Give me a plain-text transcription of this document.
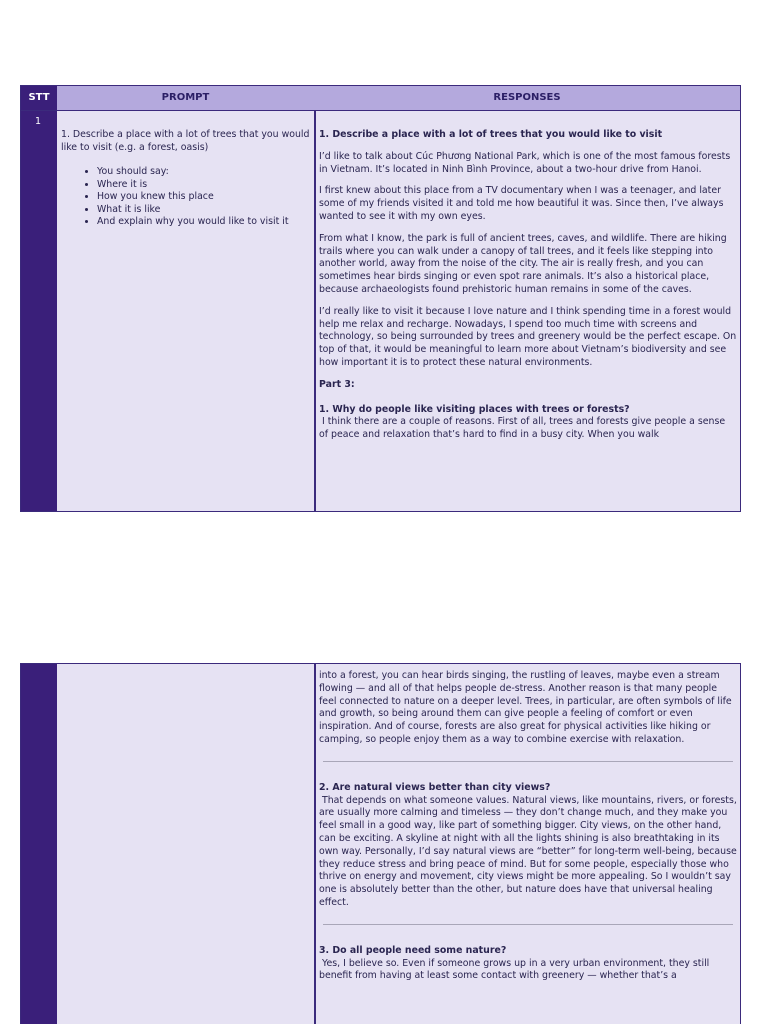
STT	PROMPT	RESPONSES
1
1. Describe a place with a lot of trees that you would like to visit (e.g. a forest, oasis)
• You should say:
• Where it is
• How you knew this place
• What it is like
• And explain why you would like to visit it

1. Describe a place with a lot of trees that you would like to visit

I’d like to talk about Cúc Phương National Park, which is one of the most famous forests in Vietnam. It’s located in Ninh Bình Province, about a two-hour drive from Hanoi.

I first knew about this place from a TV documentary when I was a teenager, and later some of my friends visited it and told me how beautiful it was. Since then, I’ve always wanted to see it with my own eyes.

From what I know, the park is full of ancient trees, caves, and wildlife. There are hiking trails where you can walk under a canopy of tall trees, and it feels like stepping into another world, away from the noise of the city. The air is really fresh, and you can sometimes hear birds singing or even spot rare animals. It’s also a historical place, because archaeologists found prehistoric human remains in some of the caves.

I’d really like to visit it because I love nature and I think spending time in a forest would help me relax and recharge. Nowadays, I spend too much time with screens and technology, so being surrounded by trees and greenery would be the perfect escape. On top of that, it would be meaningful to learn more about Vietnam’s biodiversity and see how important it is to protect these natural environments.

Part 3:

1. Why do people like visiting places with trees or forests?
I think there are a couple of reasons. First of all, trees and forests give people a sense of peace and relaxation that’s hard to find in a busy city. When you walk

into a forest, you can hear birds singing, the rustling of leaves, maybe even a stream flowing — and all of that helps people de-stress. Another reason is that many people feel connected to nature on a deeper level. Trees, in particular, are often symbols of life and growth, so being around them can give people a feeling of comfort or even inspiration. And of course, forests are also great for physical activities like hiking or camping, so people enjoy them as a way to combine exercise with relaxation.

2. Are natural views better than city views?
That depends on what someone values. Natural views, like mountains, rivers, or forests, are usually more calming and timeless — they don’t change much, and they make you feel small in a good way, like part of something bigger. City views, on the other hand, can be exciting. A skyline at night with all the lights shining is also breathtaking in its own way. Personally, I’d say natural views are “better” for long-term well-being, because they reduce stress and bring peace of mind. But for some people, especially those who thrive on energy and movement, city views might be more appealing. So I wouldn’t say one is absolutely better than the other, but nature does have that universal healing effect.

3. Do all people need some nature?
Yes, I believe so. Even if someone grows up in a very urban environment, they still benefit from having at least some contact with greenery — whether that’s a
